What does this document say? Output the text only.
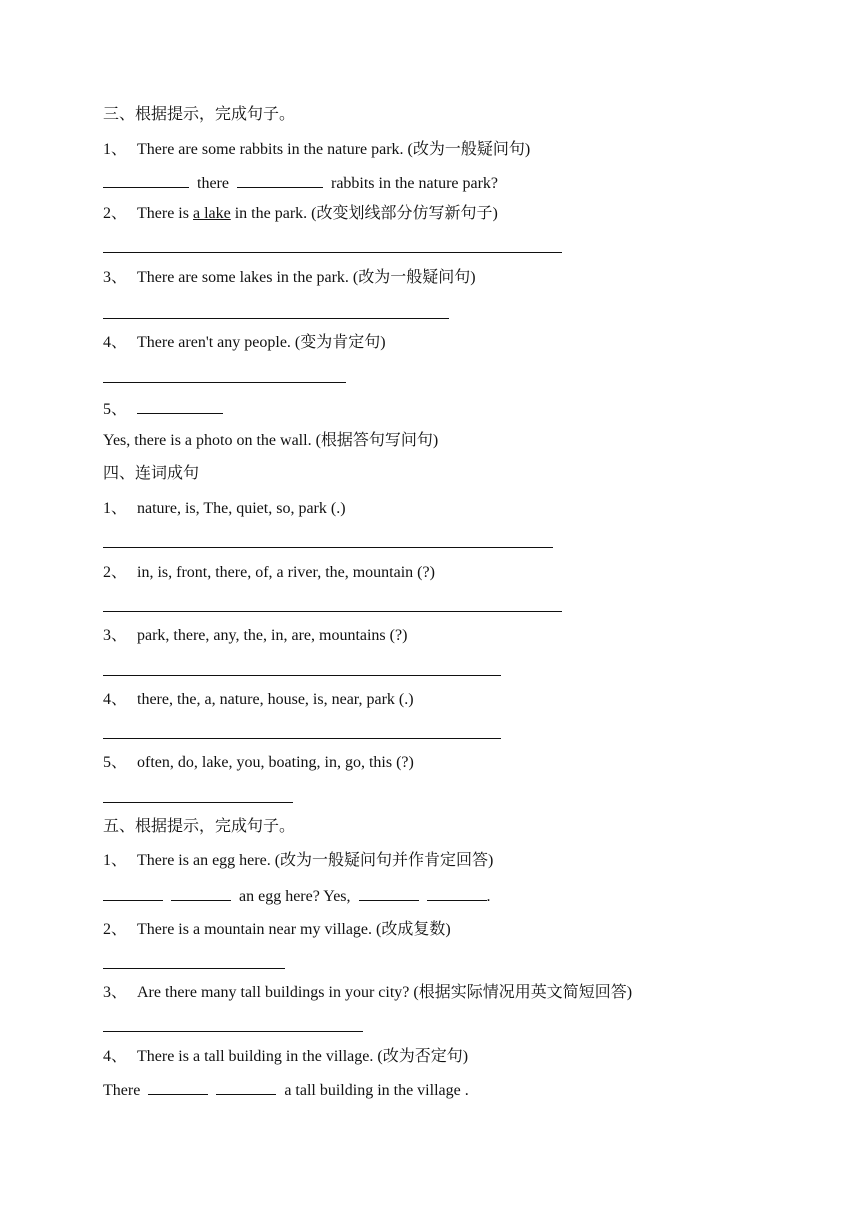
三、根据提示，完成句子。
1、 There are some rabbits in the nature park. (改为一般疑问句)
there	rabbits in the nature park?
2、 There is a lake in the park. (改变划线部分仿写新句子)
3、 There are some lakes in the park. (改为一般疑问句)
4、 There aren't any people. (变为肯定句)
5、
Yes, there is a photo on the wall. (根据答句写问句)
四、连词成句
1、 nature, is, The, quiet, so, park (.)
2、 in, is, front, there, of, a river, the, mountain (?)
3、 park, there, any, the, in, are, mountains (?)
4、 there, the, a, nature, house, is, near, park (.)
5、 often, do, lake, you, boating, in, go, this (?)
五、根据提示，完成句子。
1、 There is an egg here. (改为一般疑问句并作肯定回答)
an egg here? Yes,	.
2、 There is a mountain near my village. (改成复数)
3、 Are there many tall buildings in your city? (根据实际情况用英文简短回答)
4、 There is a tall building in the village. (改为否定句)
There	a tall building in the village .
